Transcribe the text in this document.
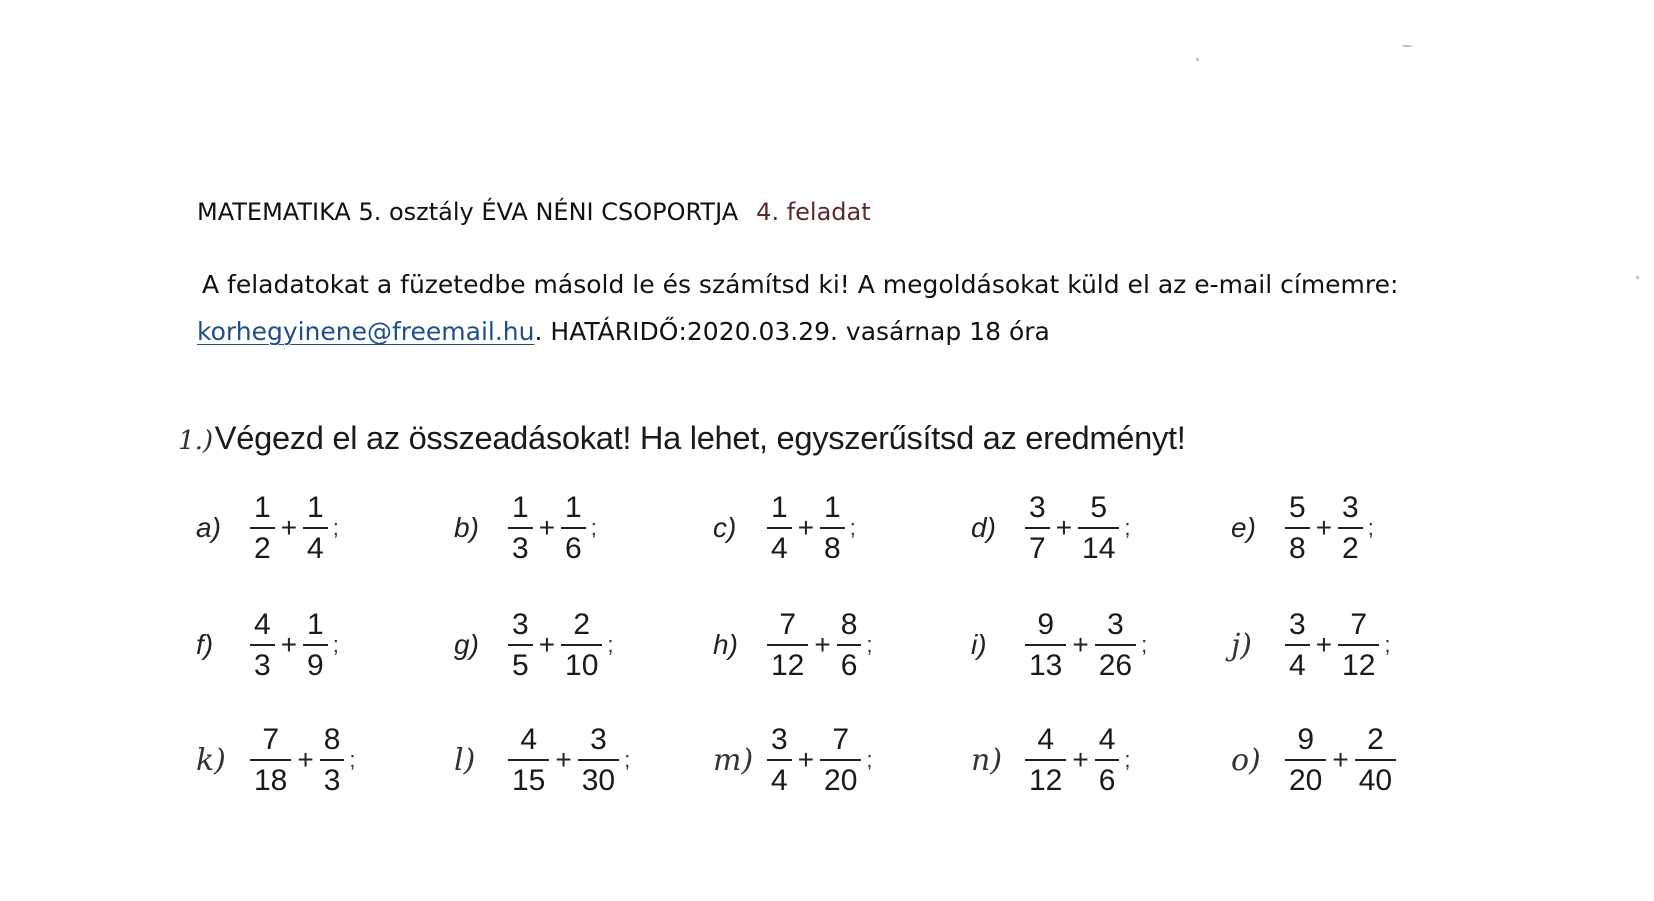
MATEMATIKA 5. osztály ÉVA NÉNI CSOPORTJA 4. feladat
A feladatokat a füzetedbe másold le és számítsd ki! A megoldásokat küld el az e-mail címemre:
korhegyinene@freemail.hu. HATÁRIDŐ:2020.03.29. vasárnap 18 óra
1.)Végezd el az összeadásokat! Ha lehet, egyszerűsítsd az eredményt!
$a) \frac{1}{2} + \frac{1}{4}$ ;	$b) \frac{1}{3} + \frac{1}{6}$ ;	c)	$\frac{1}{4} + \frac{1}{8}$ ;	$d) \frac{3}{7} + \frac{5}{14}$ ;	$e) \frac{5}{8} + \frac{3}{2}$ ;
f)	$\frac{4}{3} + \frac{1}{9}$ ;	$g) \frac{3}{5} + \frac{2}{10}$ ;	$h) \frac{7}{12} + \frac{8}{6}$ ;	i)	$\frac{9}{13} + \frac{3}{26}$ ;	j)	$\frac{3}{4} + \frac{7}{12}$ ;
$k) \frac{7}{18} + \frac{8}{3}$ ;	l)	$\frac{4}{15} + \frac{3}{30}$ ;	$m) \frac{3}{4} + \frac{7}{20}$ ;	$n) \frac{4}{12} + \frac{4}{6}$ ;	$o) \frac{9}{20} + \frac{2}{40}$
